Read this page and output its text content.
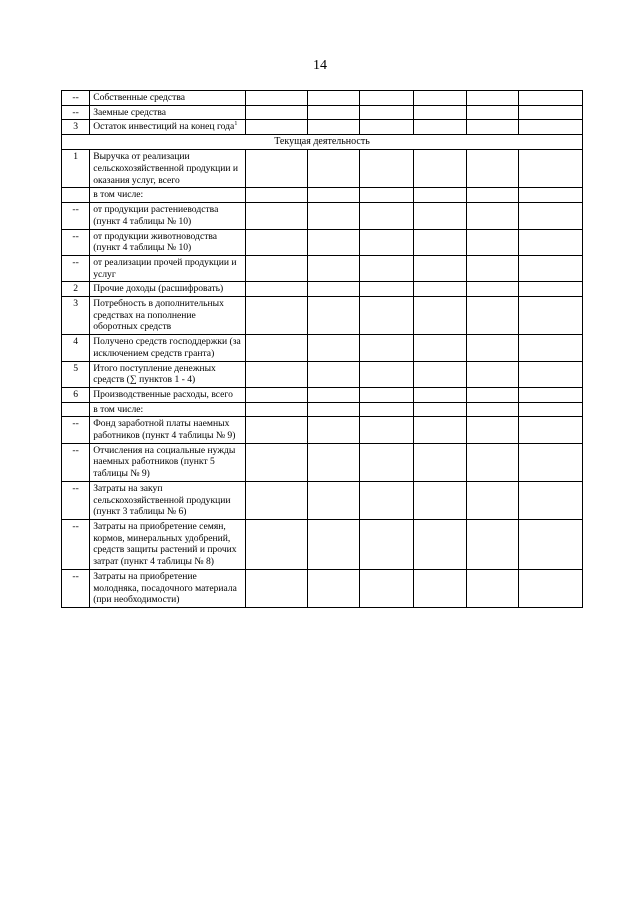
14
--	Собственные средства						
--	Заемные средства						
3	Остаток инвестиций на конец года$^1$						
Текущая деятельность							
1	Выручка от реализации сельскохозяйственной продукции и оказания услуг, всего						
	в том числе:						
--	от продукции растениеводства (пункт 4 таблицы № 10)						
--	от продукции животноводства (пункт 4 таблицы № 10)						
--	от реализации прочей продукции и услуг						
2	Прочие доходы (расшифровать)						
3	Потребность в дополнительных средствах на пополнение оборотных средств						
4	Получено средств господдержки (за исключением средств гранта)						
5	Итого поступление денежных средств (∑ пунктов 1 - 4)						
6	Производственные расходы, всего						
	в том числе:						
--	Фонд заработной платы наемных работников (пункт 4 таблицы № 9)						
--	Отчисления на социальные нужды наемных работников (пункт 5 таблицы № 9)						
--	Затраты на закуп сельскохозяйственной продукции (пункт 3 таблицы № 6)						
--	Затраты на приобретение семян, кормов, минеральных удобрений, средств защиты растений и прочих затрат (пункт 4 таблицы № 8)						
--	Затраты на приобретение молодняка, посадочного материала (при необходимости)						
